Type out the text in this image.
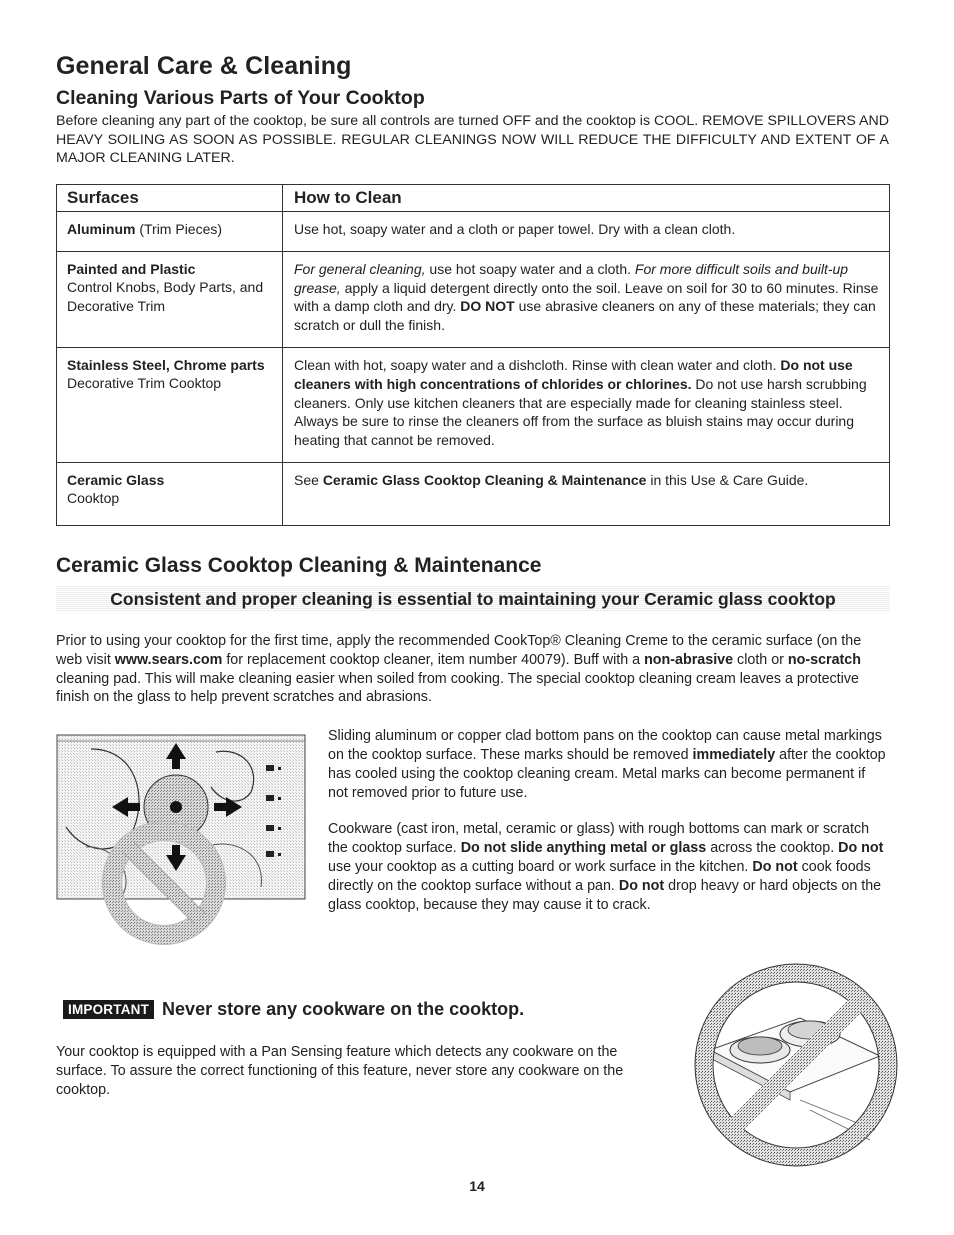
General Care & Cleaning
Cleaning Various Parts of Your Cooktop

Before cleaning any part of the cooktop, be sure all controls are turned OFF and the cooktop is COOL. REMOVE SPILLOVERS AND HEAVY SOILING AS SOON AS POSSIBLE. REGULAR CLEANINGS NOW WILL REDUCE THE DIFFICULTY AND EXTENT OF A MAJOR CLEANING LATER.

Surfaces	How to Clean
Aluminum (Trim Pieces)	Use hot, soapy water and a cloth or paper towel. Dry with a clean cloth.

Painted and Plastic
Control Knobs, Body Parts, and Decorative Trim	For general cleaning, use hot soapy water and a cloth. For more difficult soils and built-up grease, apply a liquid detergent directly onto the soil. Leave on soil for 30 to 60 minutes. Rinse with a damp cloth and dry. DO NOT use abrasive cleaners on any of these materials; they can scratch or dull the finish.

Stainless Steel, Chrome parts
Decorative Trim Cooktop	Clean with hot, soapy water and a dishcloth. Rinse with clean water and cloth. Do not use cleaners with high concentrations of chlorides or chlorines. Do not use harsh scrubbing cleaners. Only use kitchen cleaners that are especially made for cleaning stainless steel. Always be sure to rinse the cleaners off from the surface as bluish stains may occur during heating that cannot be removed.

Ceramic Glass
Cooktop	See Ceramic Glass Cooktop Cleaning & Maintenance in this Use & Care Guide.
Ceramic Glass Cooktop Cleaning & Maintenance
Consistent and proper cleaning is essential to maintaining your Ceramic glass cooktop

Prior to using your cooktop for the first time, apply the recommended CookTop® Cleaning Creme to the ceramic surface (on the web visit www.sears.com for replacement cooktop cleaner, item number 40079). Buff with a non-abrasive cloth or no-scratch cleaning pad. This will make cleaning easier when soiled from cooking. The special cooktop cleaning cream leaves a protective finish on the glass to help prevent scratches and abrasions.

Sliding aluminum or copper clad bottom pans on the cooktop can cause metal markings on the cooktop surface. These marks should be removed immediately after the cooktop has cooled using the cooktop cleaning cream. Metal marks can become permanent if not removed prior to future use.

Cookware (cast iron, metal, ceramic or glass) with rough bottoms can mark or scratch the cooktop surface. Do not slide anything metal or glass across the cooktop. Do not use your cooktop as a cutting board or work surface in the kitchen. Do not cook foods directly on the cooktop surface without a pan. Do not drop heavy or hard objects on the glass cooktop, because they may cause it to crack.

IMPORTANT Never store any cookware on the cooktop.

Your cooktop is equipped with a Pan Sensing feature which detects any cookware on the surface. To assure the correct functioning of this feature, never store any cookware on the cooktop.

14
